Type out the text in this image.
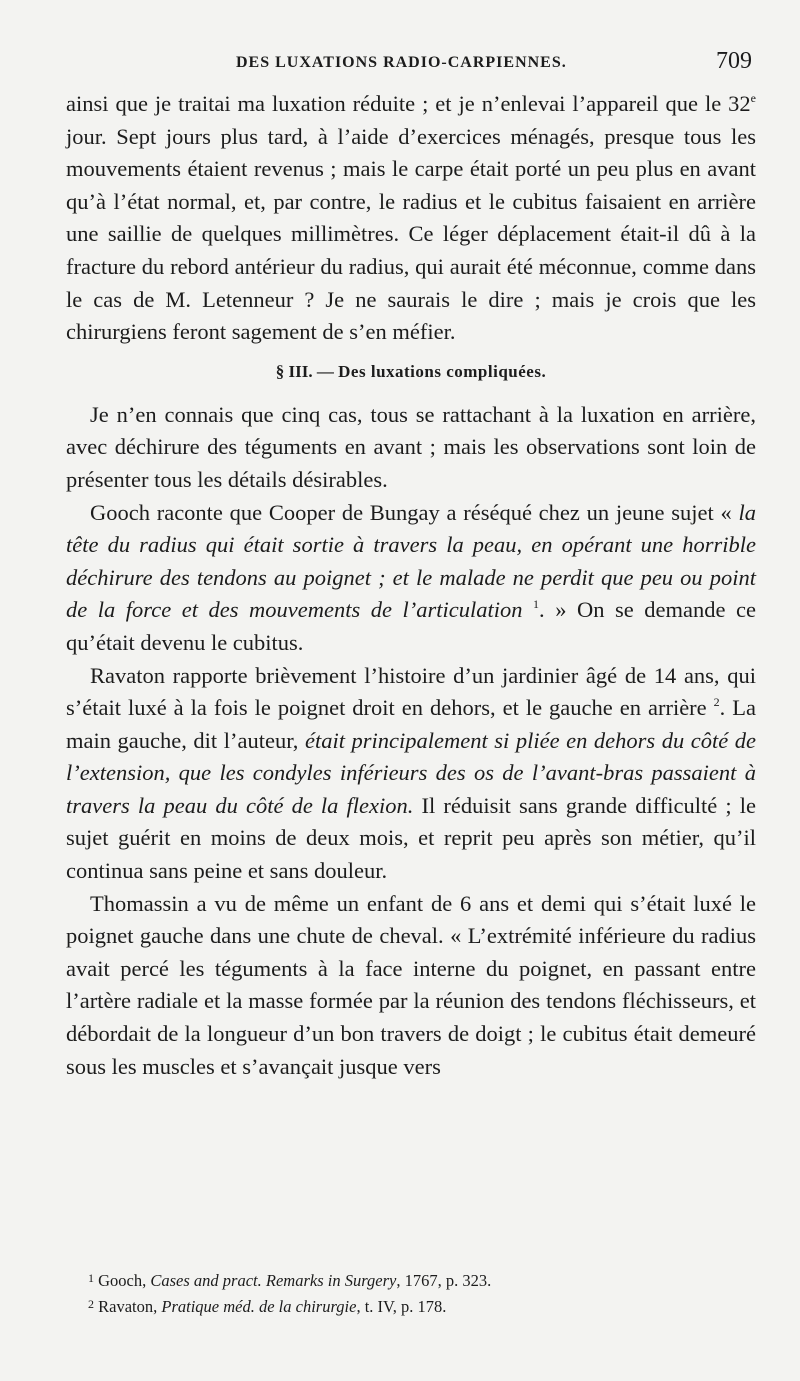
DES LUXATIONS RADIO-CARPIENNES.	709

ainsi que je traitai ma luxation réduite ; et je n’enlevai l’appareil que le 32e jour. Sept jours plus tard, à l’aide d’exercices ménagés, presque tous les mouvements étaient revenus ; mais le carpe était porté un peu plus en avant qu’à l’état normal, et, par contre, le radius et le cubitus faisaient en arrière une saillie de quelques millimètres. Ce léger déplacement était-il dû à la fracture du rebord antérieur du radius, qui aurait été méconnue, comme dans le cas de M. Letenneur ? Je ne saurais le dire ; mais je crois que les chirurgiens feront sagement de s’en méfier.

§ III. — Des luxations compliquées.

Je n’en connais que cinq cas, tous se rattachant à la luxation en arrière, avec déchirure des téguments en avant ; mais les observations sont loin de présenter tous les détails désirables.

Gooch raconte que Cooper de Bungay a réséqué chez un jeune sujet « la tête du radius qui était sortie à travers la peau, en opérant une horrible déchirure des tendons au poignet ; et le malade ne perdit que peu ou point de la force et des mouvements de l’articulation $^1$. » On se demande ce qu’était devenu le cubitus.

Ravaton rapporte brièvement l’histoire d’un jardinier âgé de 14 ans, qui s’était luxé à la fois le poignet droit en dehors, et le gauche en arrière $^2$. La main gauche, dit l’auteur, était principalement si pliée en dehors du côté de l’extension, que les condyles inférieurs des os de l’avant-bras passaient à travers la peau du côté de la flexion. Il réduisit sans grande difficulté ; le sujet guérit en moins de deux mois, et reprit peu après son métier, qu’il continua sans peine et sans douleur.

Thomassin a vu de même un enfant de 6 ans et demi qui s’était luxé le poignet gauche dans une chute de cheval. « L’extrémité inférieure du radius avait percé les téguments à la face interne du poignet, en passant entre l’artère radiale et la masse formée par la réunion des tendons fléchisseurs, et débordait de la longueur d’un bon travers de doigt ; le cubitus était demeuré sous les muscles et s’avançait jusque vers

$^1$ Gooch, Cases and pract. Remarks in Surgery, 1767, p. 323.
$^2$ Ravaton, Pratique méd. de la chirurgie, t. IV, p. 178.
